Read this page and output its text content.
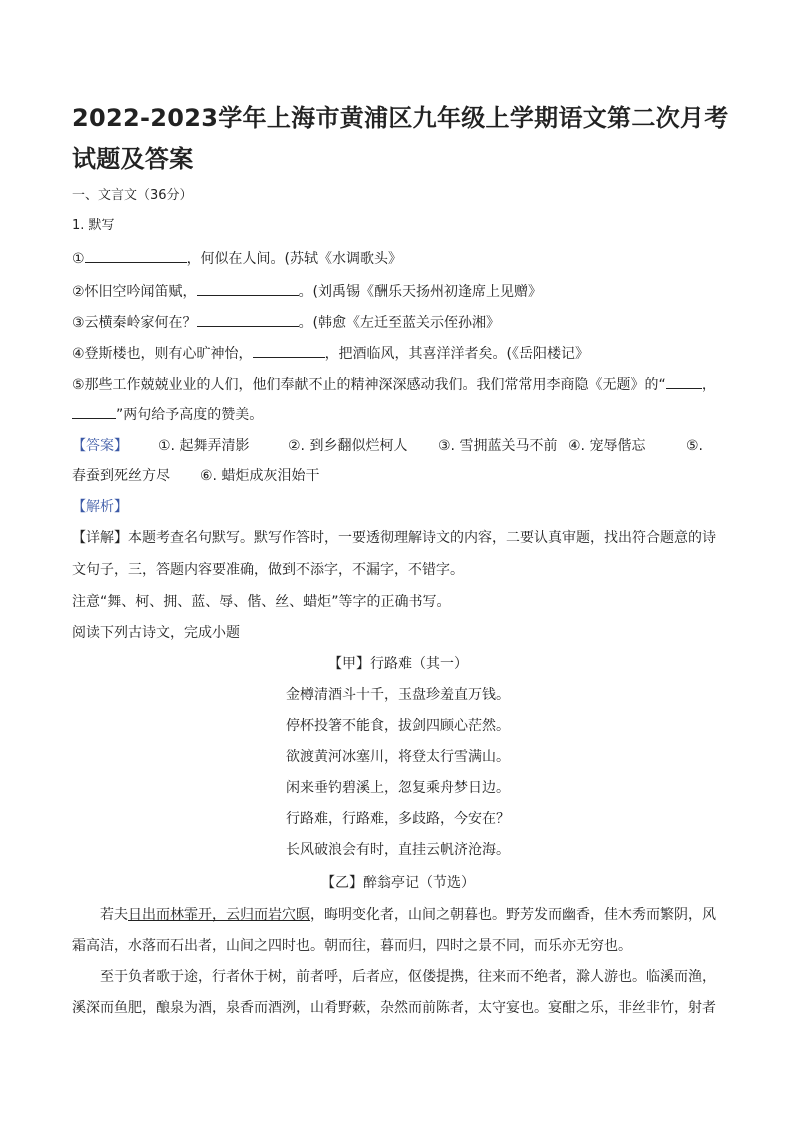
2022-2023学年上海市黄浦区九年级上学期语文第二次月考试题及答案
一、文言文（36分）
1. 默写
①	，何似在人间。(苏轼《水调歌头》
②怀旧空吟闻笛赋，	。(刘禹锡《酬乐天扬州初逢席上见赠》
③云横秦岭家何在？	。(韩愈《左迁至蓝关示侄孙湘》
④登斯楼也，则有心旷神怡，	，把酒临风，其喜洋洋者矣。(《岳阳楼记》
⑤那些工作兢兢业业的人们，他们奉献不止的精神深深感动我们。我们常常用李商隐《无题》的“	，
”两句给予高度的赞美。
【答案】 ①. 起舞弄清影	②. 到乡翻似烂柯人 ③. 雪拥蓝关马不前 ④. 宠辱偕忘	⑤.
春蚕到死丝方尽 ⑥. 蜡炬成灰泪始干
【解析】
【详解】本题考查名句默写。默写作答时，一要透彻理解诗文的内容，二要认真审题，找出符合题意的诗
文句子，三，答题内容要准确，做到不添字，不漏字，不错字。
注意“舞、柯、拥、蓝、辱、偕、丝、蜡炬”等字的正确书写。
阅读下列古诗文，完成小题
【甲】行路难（其一）
金樽清酒斗十千，玉盘珍羞直万钱。
停杯投箸不能食，拔剑四顾心茫然。
欲渡黄河冰塞川，将登太行雪满山。
闲来垂钓碧溪上，忽复乘舟梦日边。
行路难，行路难，多歧路，今安在？
长风破浪会有时，直挂云帆济沧海。
【乙】醉翁亭记（节选）
若夫日出而林霏开，云归而岩穴暝，晦明变化者，山间之朝暮也。野芳发而幽香，佳木秀而繁阴，风
霜高洁，水落而石出者，山间之四时也。朝而往，暮而归，四时之景不同，而乐亦无穷也。
至于负者歌于途，行者休于树，前者呼，后者应，伛偻提携，往来而不绝者，滁人游也。临溪而渔，
溪深而鱼肥，酿泉为酒，泉香而酒洌，山肴野蔌，杂然而前陈者，太守宴也。宴酣之乐，非丝非竹，射者
